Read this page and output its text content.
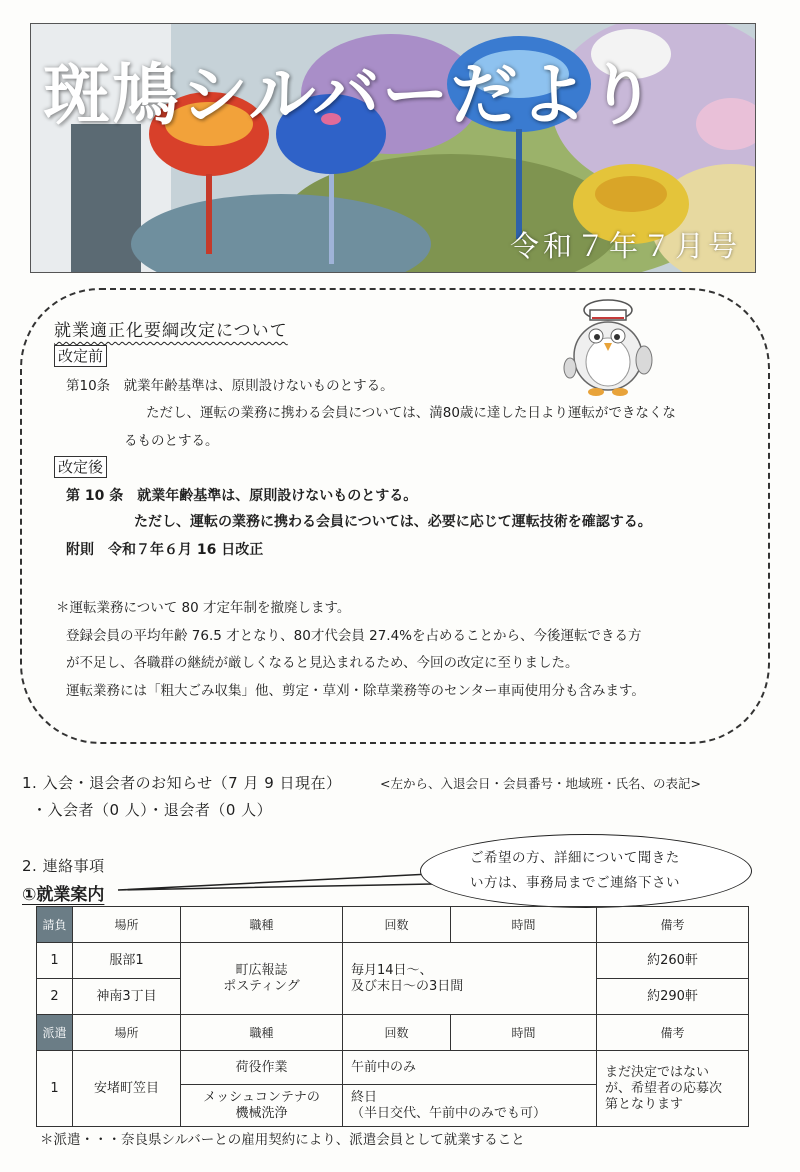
斑鳩シルバーだより
令和７年７月号
就業適正化要綱改定について
改定前
第10条　就業年齢基準は、原則設けないものとする。
ただし、運転の業務に携わる会員については、満80歳に達した日より運転ができなくな
るものとする。
改定後
第 10 条　就業年齢基準は、原則設けないものとする。
ただし、運転の業務に携わる会員については、必要に応じて運転技術を確認する。
附則　令和７年６月 16 日改正
＊運転業務について 80 才定年制を撤廃します。
登録会員の平均年齢 76.5 才となり、80才代会員 27.4%を占めることから、今後運転できる方
が不足し、各職群の継続が厳しくなると見込まれるため、今回の改定に至りました。
運転業務には「粗大ごみ収集」他、剪定・草刈・除草業務等のセンター車両使用分も含みます。
1. 入会・退会者のお知らせ（7 月 9 日現在）	<左から、入退会日・会員番号・地域班・氏名、の表記>
・入会者（0 人）・退会者（0 人）
2. 連絡事項	ご希望の方、詳細について聞きた
い方は、事務局までご連絡下さい
①就業案内
請負	場所	職種	回数	時間	備考
1	服部1	町広報誌
ポスティング	毎月14日～、
及び末日～の3日間		約260軒
2	神南3丁目				約290軒
派遣	場所	職種	回数	時間	備考
1	安堵町笠目	荷役作業	午前中のみ		まだ決定ではない
が、希望者の応募次
第となります
		メッシュコンテナの
機械洗浄	終日
（半日交代、午前中のみでも可）		
＊派遣・・・奈良県シルバーとの雇用契約により、派遣会員として就業すること
